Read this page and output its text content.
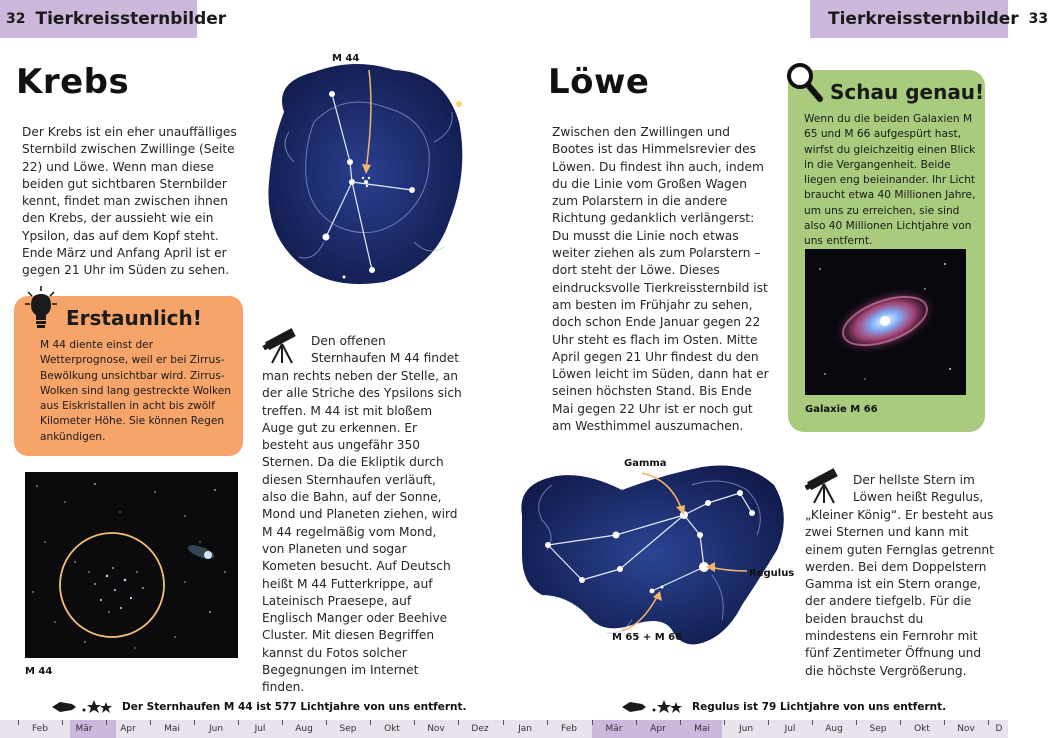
32 Tierkreissternbilder	Tierkreissternbilder 33
Krebs
Der Krebs ist ein eher unauffälliges Sternbild zwischen Zwillinge (Seite 22) und Löwe. Wenn man diese beiden gut sichtbaren Sternbilder kennt, findet man zwischen ihnen den Krebs, der aussieht wie ein Ypsilon, das auf dem Kopf steht. Ende März und Anfang April ist er gegen 21 Uhr im Süden zu sehen.
M 44
Erstaunlich!
M 44 diente einst der Wetterprognose, weil er bei Zirrus-Bewölkung unsichtbar wird. Zirrus-Wolken sind lang gestreckte Wolken aus Eiskristallen in acht bis zwölf Kilometer Höhe. Sie können Regen ankündigen.
Den offenen Sternhaufen M 44 findet
man rechts neben der Stelle, an der alle Striche des Ypsilons sich treffen. M 44 ist mit bloßem Auge gut zu erkennen. Er besteht aus ungefähr 350 Sternen. Da die Ekliptik durch diesen Sternhaufen verläuft, also die Bahn, auf der Sonne, Mond und Planeten ziehen, wird M 44 regelmäßig vom Mond, von Planeten und sogar Kometen besucht. Auf Deutsch heißt M 44 Futterkrippe, auf Lateinisch Praesepe, auf Englisch Manger oder Beehive Cluster. Mit diesen Begriffen kannst du Fotos solcher Begegnungen im Internet finden.
M 44
Der Sternhaufen M 44 ist 577 Lichtjahre von uns entfernt.
Löwe
Zwischen den Zwillingen und Bootes ist das Himmelsrevier des Löwen. Du findest ihn auch, indem du die Linie vom Großen Wagen zum Polarstern in die andere Richtung gedanklich verlängerst: Du musst die Linie noch etwas weiter ziehen als zum Polarstern – dort steht der Löwe. Dieses eindrucksvolle Tierkreissternbild ist am besten im Frühjahr zu sehen, doch schon Ende Januar gegen 22 Uhr steht es flach im Osten. Mitte April gegen 21 Uhr findest du den Löwen leicht im Süden, dann hat er seinen höchsten Stand. Bis Ende Mai gegen 22 Uhr ist er noch gut am Westhimmel auszumachen.
Schau genau!
Wenn du die beiden Galaxien M 65 und M 66 aufgespürt hast, wirfst du gleichzeitig einen Blick in die Vergangenheit. Beide liegen eng beieinander. Ihr Licht braucht etwa 40 Millionen Jahre, um uns zu erreichen, sie sind also 40 Millionen Lichtjahre von uns entfernt.
Galaxie M 66
Gamma
Regulus
M 65 + M 66
Der hellste Stern im Löwen heißt Regulus,
„Kleiner König“. Er besteht aus zwei Sternen und kann mit einem guten Fernglas getrennt werden. Bei dem Doppelstern Gamma ist ein Stern orange, der andere tiefgelb. Für die beiden brauchst du mindestens ein Fernrohr mit fünf Zentimeter Öffnung und die höchste Vergrößerung.
Regulus ist 79 Lichtjahre von uns entfernt.
Feb	Mär	Apr	Mai	Jun	Jul	Aug	Sep	Okt	Nov	Dez	Jan	Feb	Mär	Apr	Mai	Jun	Jul	Aug	Sep	Okt	Nov	D
